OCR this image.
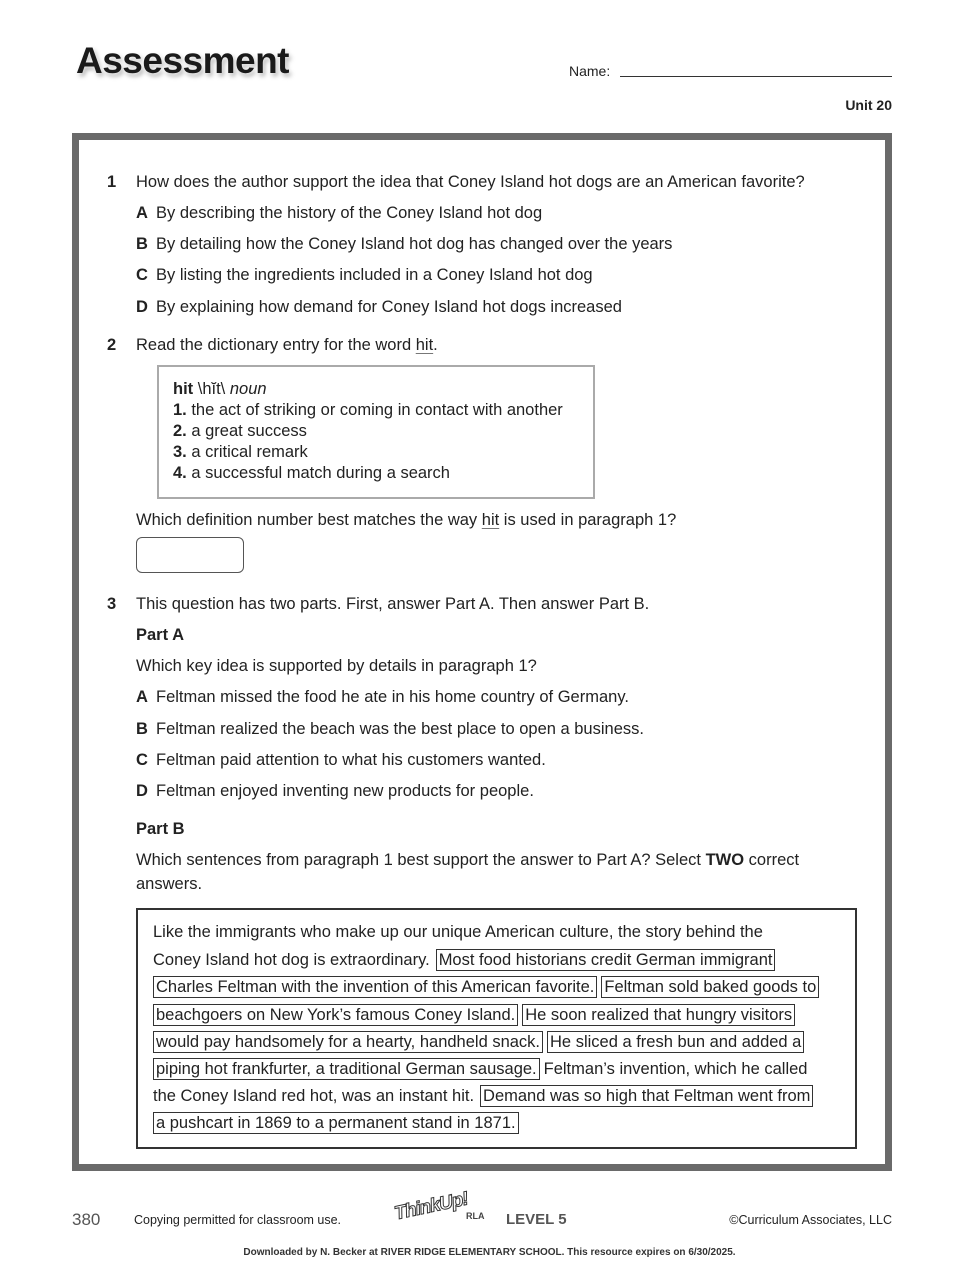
Assessment	Name:
Unit 20
1 How does the author support the idea that Coney Island hot dogs are an American favorite?
A By describing the history of the Coney Island hot dog
B By detailing how the Coney Island hot dog has changed over the years
C By listing the ingredients included in a Coney Island hot dog
D By explaining how demand for Coney Island hot dogs increased
2 Read the dictionary entry for the word hit.
hit \hĭt\ noun
1. the act of striking or coming in contact with another
2. a great success
3. a critical remark
4. a successful match during a search
Which definition number best matches the way hit is used in paragraph 1?
3 This question has two parts. First, answer Part A. Then answer Part B.
Part A
Which key idea is supported by details in paragraph 1?
A Feltman missed the food he ate in his home country of Germany.
B Feltman realized the beach was the best place to open a business.
C Feltman paid attention to what his customers wanted.
D Feltman enjoyed inventing new products for people.
Part B
Which sentences from paragraph 1 best support the answer to Part A? Select TWO correct
answers.
Like the immigrants who make up our unique American culture, the story behind the
Coney Island hot dog is extraordinary. Most food historians credit German immigrant
Charles Feltman with the invention of this American favorite. Feltman sold baked goods to
beachgoers on New York’s famous Coney Island. He soon realized that hungry visitors
would pay handsomely for a hearty, handheld snack. He sliced a fresh bun and added a
piping hot frankfurter, a traditional German sausage. Feltman’s invention, which he called
the Coney Island red hot, was an instant hit. Demand was so high that Feltman went from
a pushcart in 1869 to a permanent stand in 1871.
380	Copying permitted for classroom use.	ThinkUp!
RLA LEVEL 5	©Curriculum Associates, LLC
Downloaded by N. Becker at RIVER RIDGE ELEMENTARY SCHOOL. This resource expires on 6/30/2025.
